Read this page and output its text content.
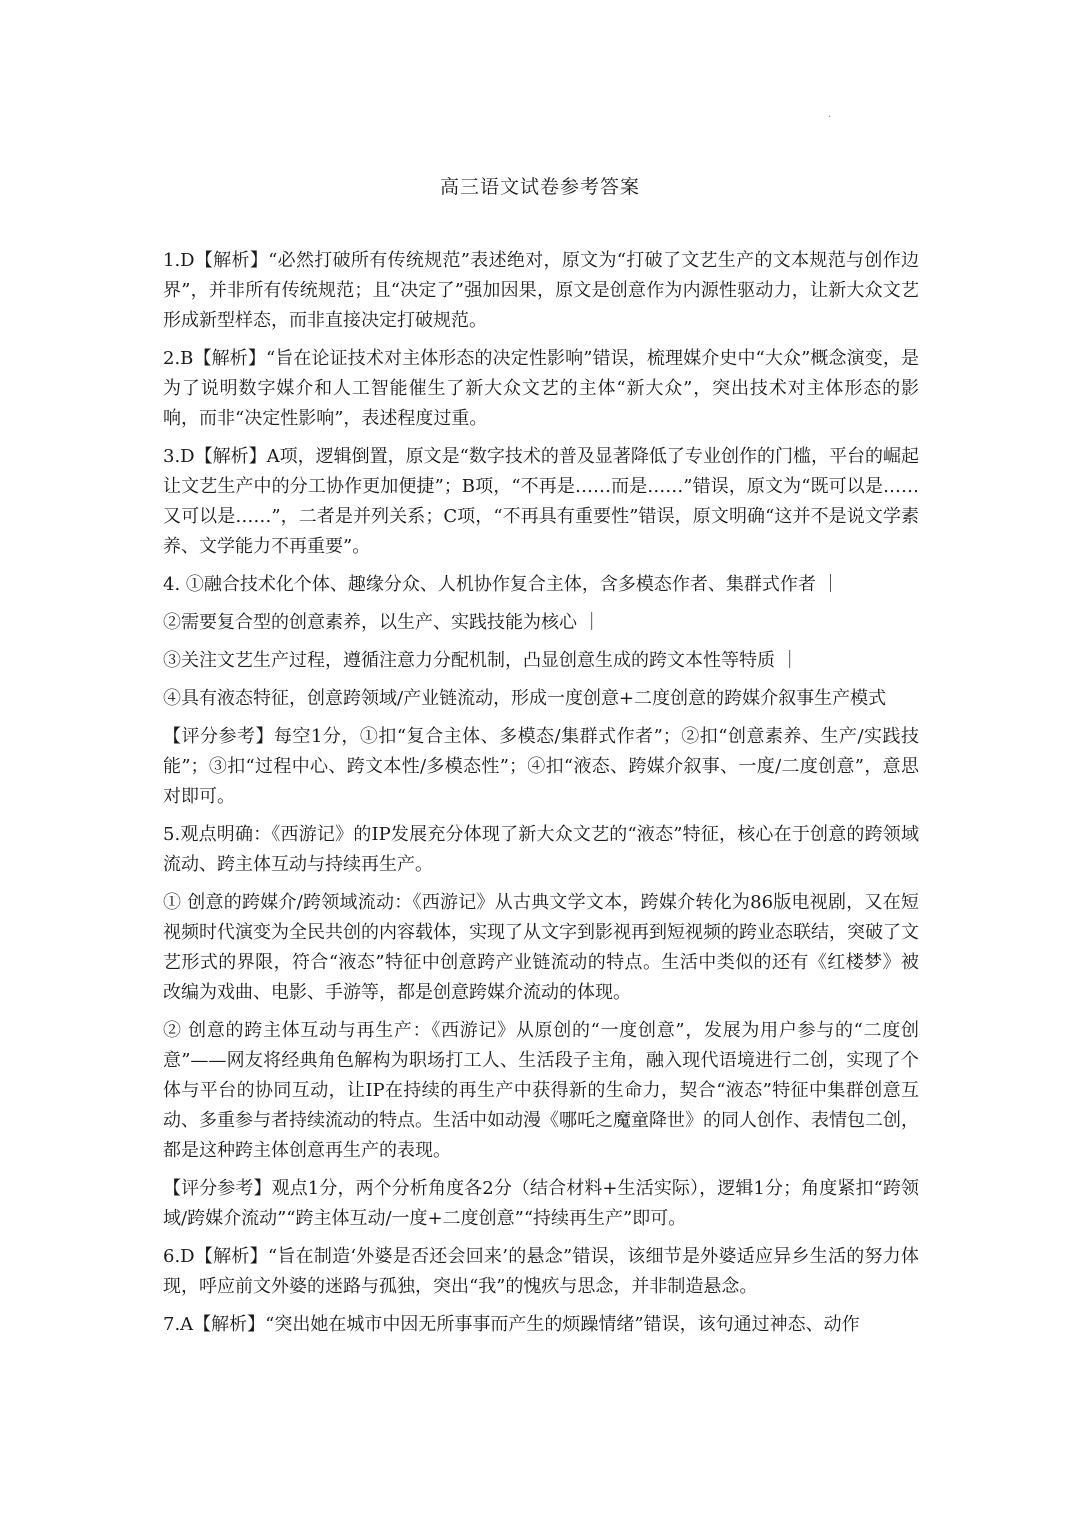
·
高三语文试卷参考答案
1.D【解析】“必然打破所有传统规范”表述绝对，原文为“打破了文艺生产的文本规范与创作边界”，并非所有传统规范；且“决定了”强加因果，原文是创意作为内源性驱动力，让新大众文艺形成新型样态，而非直接决定打破规范。
2.B【解析】“旨在论证技术对主体形态的决定性影响”错误，梳理媒介史中“大众”概念演变，是为了说明数字媒介和人工智能催生了新大众文艺的主体“新大众”，突出技术对主体形态的影响，而非“决定性影响”，表述程度过重。
3.D【解析】A项，逻辑倒置，原文是“数字技术的普及显著降低了专业创作的门槛，平台的崛起让文艺生产中的分工协作更加便捷”；B项，“不再是……而是……”错误，原文为“既可以是……又可以是……”，二者是并列关系；C项，“不再具有重要性”错误，原文明确“这并不是说文学素养、文学能力不再重要”。
4. ①融合技术化个体、趣缘分众、人机协作复合主体，含多模态作者、集群式作者 ｜
②需要复合型的创意素养，以生产、实践技能为核心 ｜
③关注文艺生产过程，遵循注意力分配机制，凸显创意生成的跨文本性等特质 ｜
④具有液态特征，创意跨领域/产业链流动，形成一度创意+二度创意的跨媒介叙事生产模式
【评分参考】每空1分，①扣“复合主体、多模态/集群式作者”；②扣“创意素养、生产/实践技能”；③扣“过程中心、跨文本性/多模态性”；④扣“液态、跨媒介叙事、一度/二度创意”，意思对即可。
5.观点明确：《西游记》的IP发展充分体现了新大众文艺的“液态”特征，核心在于创意的跨领域流动、跨主体互动与持续再生产。
① 创意的跨媒介/跨领域流动：《西游记》从古典文学文本，跨媒介转化为86版电视剧，又在短视频时代演变为全民共创的内容载体，实现了从文字到影视再到短视频的跨业态联结，突破了文艺形式的界限，符合“液态”特征中创意跨产业链流动的特点。生活中类似的还有《红楼梦》被改编为戏曲、电影、手游等，都是创意跨媒介流动的体现。
② 创意的跨主体互动与再生产：《西游记》从原创的“一度创意”，发展为用户参与的“二度创意”——网友将经典角色解构为职场打工人、生活段子主角，融入现代语境进行二创，实现了个体与平台的协同互动，让IP在持续的再生产中获得新的生命力，契合“液态”特征中集群创意互动、多重参与者持续流动的特点。生活中如动漫《哪吒之魔童降世》的同人创作、表情包二创，都是这种跨主体创意再生产的表现。
【评分参考】观点1分，两个分析角度各2分（结合材料+生活实际），逻辑1分；角度紧扣“跨领域/跨媒介流动”“跨主体互动/一度+二度创意”“持续再生产”即可。
6.D【解析】“旨在制造‘外婆是否还会回来’的悬念”错误，该细节是外婆适应异乡生活的努力体现，呼应前文外婆的迷路与孤独，突出“我”的愧疚与思念，并非制造悬念。
7.A【解析】“突出她在城市中因无所事事而产生的烦躁情绪”错误，该句通过神态、动作
